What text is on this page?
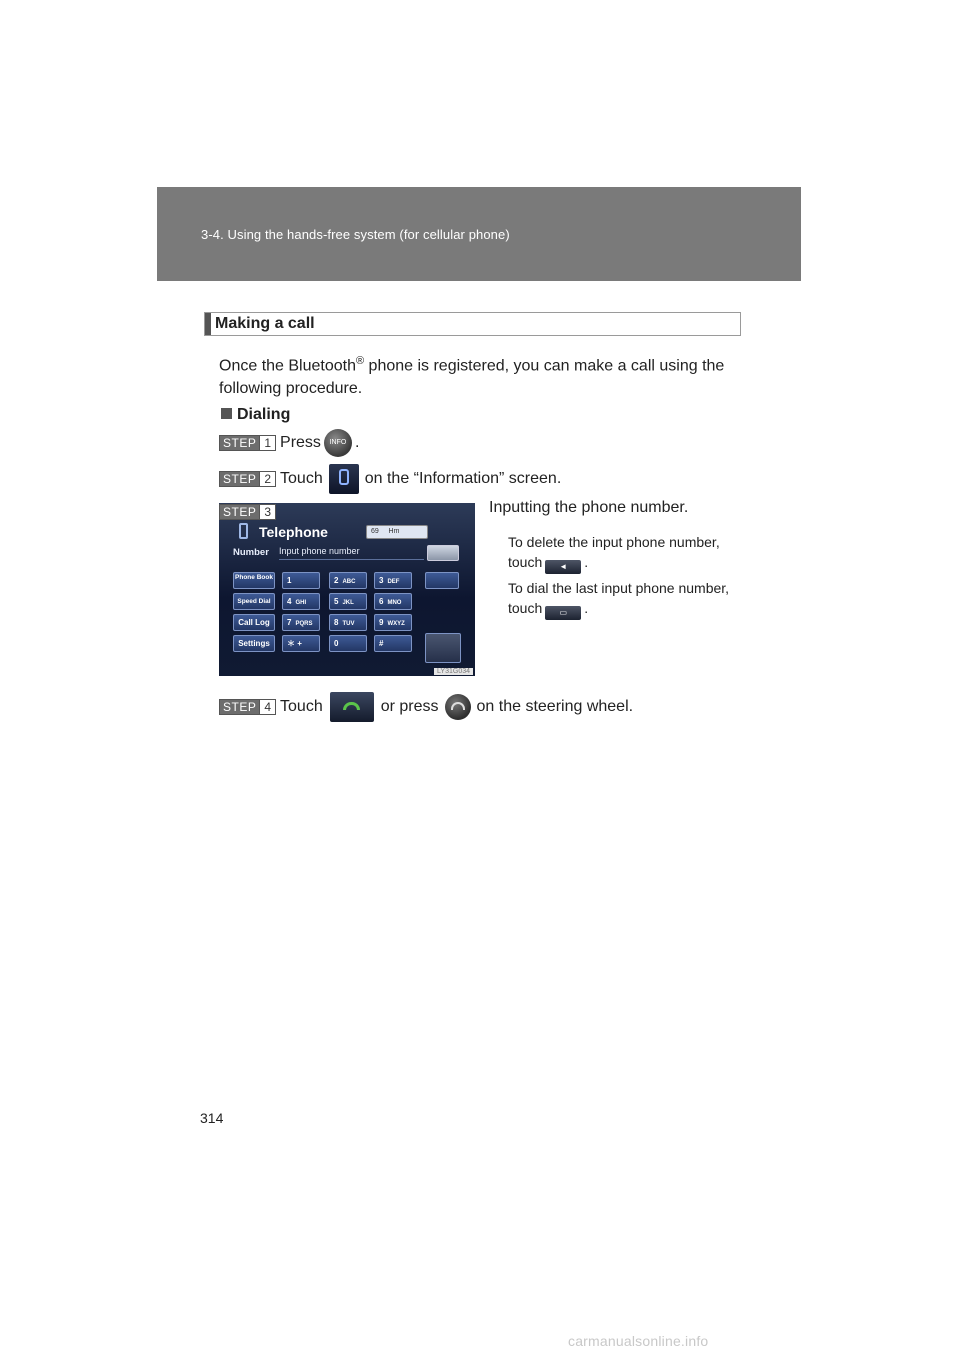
3-4. Using the hands-free system (for cellular phone)
Making a call
Once the Bluetooth® phone is registered, you can make a call using the following procedure.
Dialing
STEP 1 Press	INFO .
STEP 2 Touch	on the “Information” screen.
STEP 3
Telephone	69 Hm
Number Input phone number
Phone Book
Speed Dial
Call Log
Settings
1	2 ABC	3 DEF
4 GHI	5 JKL	6 MNO
7 PQRS	8 TUV	9 WXYZ
＊ +	0	#
LY31G034
Inputting the phone number.
To delete the input phone number, touch ◄ .
To dial the last input phone number, touch ▭ .
STEP 4 Touch	or press on the steering wheel.
314
carmanualsonline.info
